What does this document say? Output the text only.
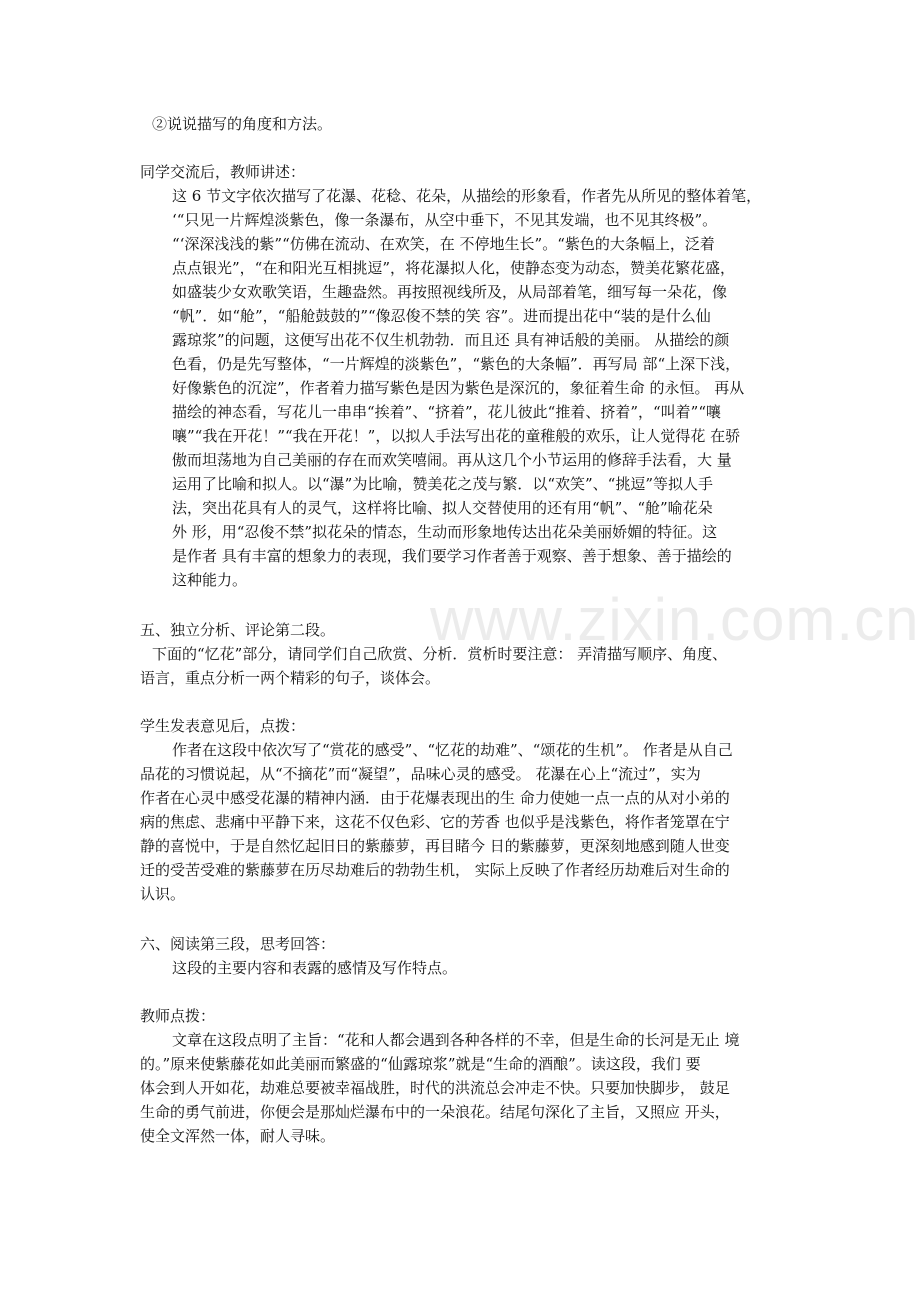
www.zixin.com.cn
②说说描写的角度和方法。
同学交流后，教师讲述：
这 6 节文字依次描写了花瀑、花稔、花朵，从描绘的形象看，作者先从所见的整体着笔，
‘“只见一片辉煌淡紫色，像一条瀑布，从空中垂下，不见其发端，也不见其终极”。
“‘深深浅浅的紫”“仿佛在流动、在欢笑，在 不停地生长”。“紫色的大条幅上，泛着
点点银光”，“在和阳光互相挑逗”，将花瀑拟人化，使静态变为动态，赞美花繁花盛，
如盛装少女欢歌笑语，生趣盎然。再按照视线所及，从局部着笔，细写每一朵花，像
“帆”．如“舱”，“船舱鼓鼓的”“像忍俊不禁的笑 容”。进而提出花中“装的是什么仙
露琼浆”的问题，这便写出花不仅生机勃勃．而且还 具有神话般的美丽。 从描绘的颜
色看，仍是先写整体，“一片辉煌的淡紫色”，“紫色的大条幅”．再写局 部“上深下浅，
好像紫色的沉淀”，作者着力描写紫色是因为紫色是深沉的，象征着生命 的永恒。 再从
描绘的神态看，写花儿一串串“挨着”、“挤着”，花儿彼此“推着、挤着”，“叫着”“嚷
嚷”“我在开花！”“我在开花！”，以拟人手法写出花的童稚般的欢乐，让人觉得花 在骄
傲而坦荡地为自己美丽的存在而欢笑嘻闹。再从这几个小节运用的修辞手法看，大 量
运用了比喻和拟人。以“瀑”为比喻，赞美花之茂与繁．以“欢笑”、“挑逗”等拟人手
法，突出花具有人的灵气，这样将比喻、拟人交替使用的还有用“帆”、“舱”喻花朵
外 形，用“忍俊不禁”拟花朵的情态，生动而形象地传达出花朵美丽娇媚的特征。这
是作者 具有丰富的想象力的表现，我们要学习作者善于观察、善于想象、善于描绘的
这种能力。
五、独立分析、评论第二段。
下面的“忆花”部分，请同学们自己欣赏、分析．赏析时要注意： 弄清描写顺序、角度、
语言，重点分析一两个精彩的句子，谈体会。
学生发表意见后，点拨：
作者在这段中依次写了“赏花的感受”、“忆花的劫难”、“颂花的生机”。 作者是从自己
品花的习惯说起，从“不摘花”而“凝望”，品味心灵的感受。 花瀑在心上“流过”，实为
作者在心灵中感受花瀑的精神内涵．由于花爆表现出的生 命力使她一点一点的从对小弟的
病的焦虑、悲痛中平静下来，这花不仅色彩、它的芳香 也似乎是浅紫色，将作者笼罩在宁
静的喜悦中，于是自然忆起旧日的紫藤萝，再目睹今 日的紫藤萝，更深刻地感到随人世变
迁的受苦受难的紫藤萝在历尽劫难后的勃勃生机， 实际上反映了作者经历劫难后对生命的
认识。
六、阅读第三段，思考回答：
这段的主要内容和表露的感情及写作特点。
教师点拨：
文章在这段点明了主旨：“花和人都会遇到各种各样的不幸，但是生命的长河是无止 境
的。”原来使紫藤花如此美丽而繁盛的“仙露琼浆”就是“生命的酒酿”。读这段，我们 要
体会到人开如花，劫难总要被幸福战胜，时代的洪流总会冲走不快。只要加快脚步， 鼓足
生命的勇气前进，你便会是那灿烂瀑布中的一朵浪花。结尾句深化了主旨，又照应 开头，
使全文浑然一体，耐人寻味。
